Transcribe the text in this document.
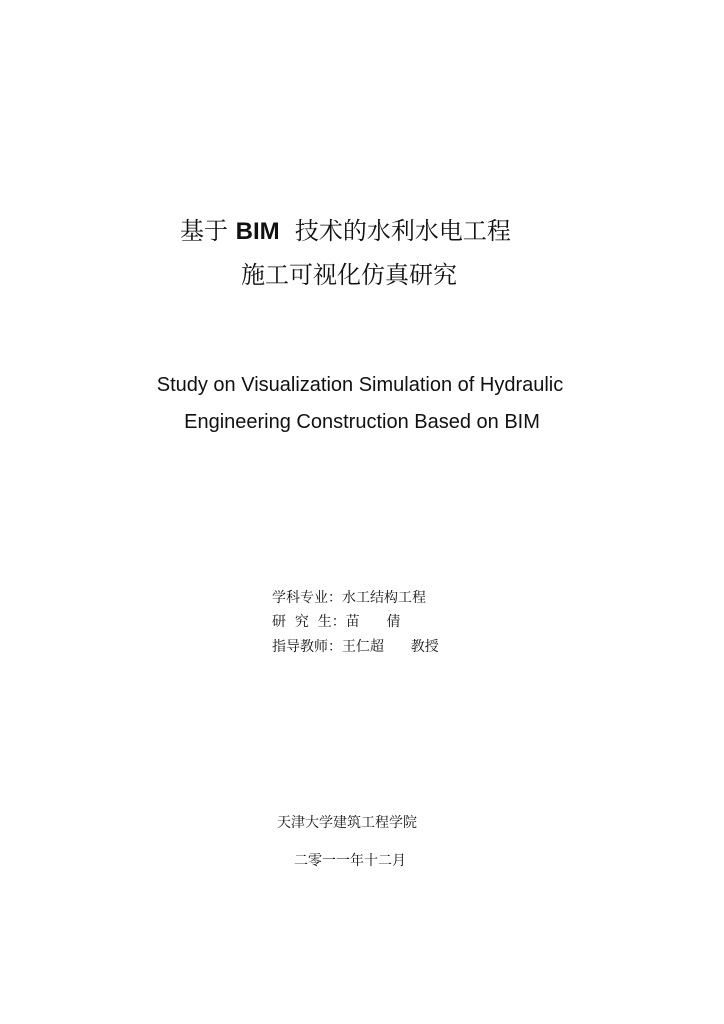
基于 BIM  技术的水利水电工程
施工可视化仿真研究
Study on Visualization Simulation of Hydraulic
Engineering Construction Based on BIM
学科专业：水工结构工程
研  究  生：苗      倩
指导教师：王仁超      教授
天津大学建筑工程学院
二零一一年十二月
